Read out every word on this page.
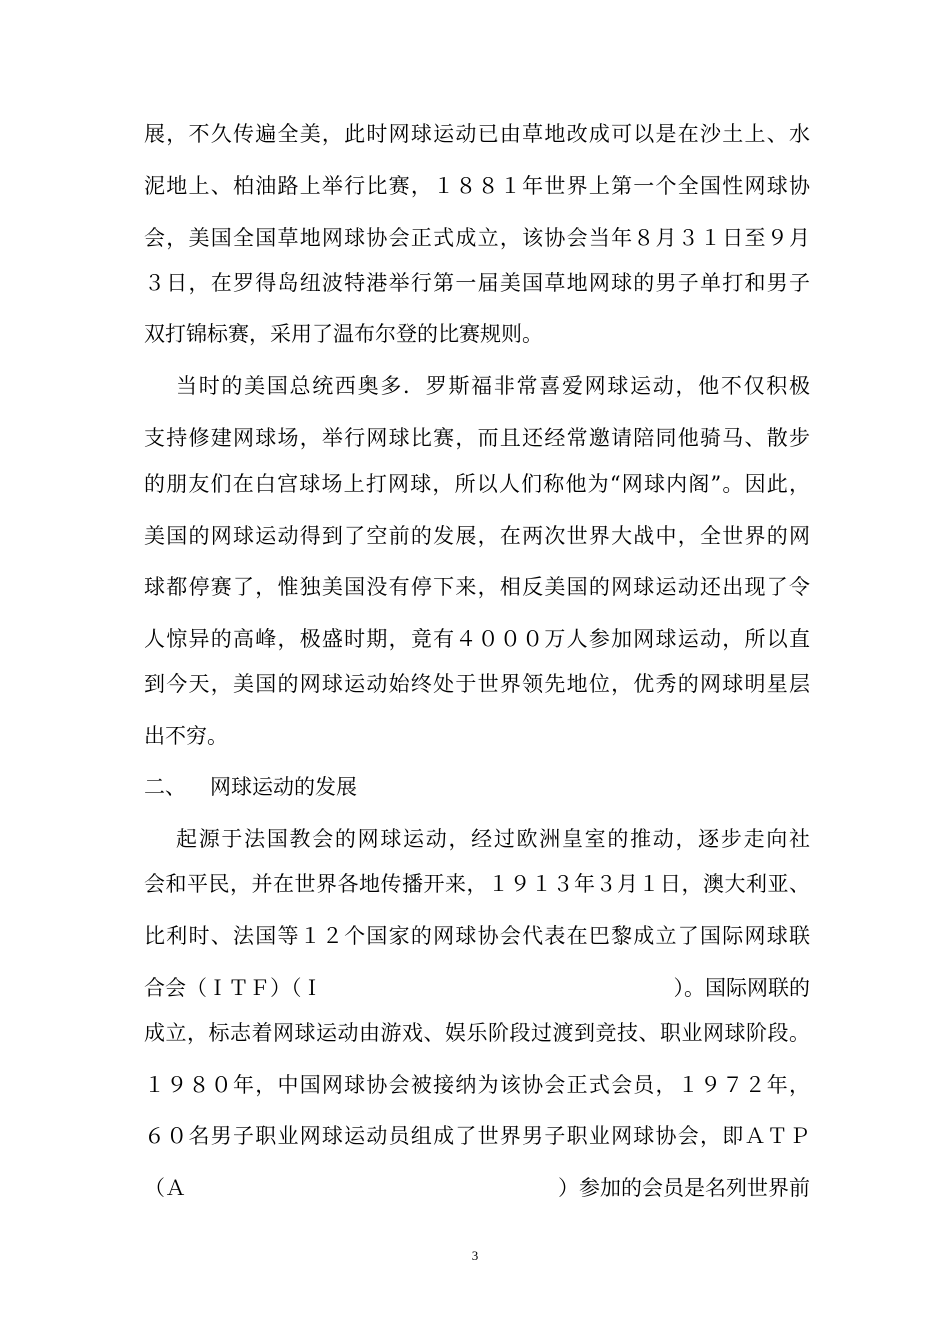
展，不久传遍全美，此时网球运动已由草地改成可以是在沙土上、水
泥地上、柏油路上举行比赛，１８８１年世界上第一个全国性网球协
会，美国全国草地网球协会正式成立，该协会当年８月３１日至９月
３日，在罗得岛纽波特港举行第一届美国草地网球的男子单打和男子
双打锦标赛，采用了温布尔登的比赛规则。
当时的美国总统西奥多．罗斯福非常喜爱网球运动，他不仅积极
支持修建网球场，举行网球比赛，而且还经常邀请陪同他骑马、散步
的朋友们在白宫球场上打网球，所以人们称他为“网球内阁”。因此，
美国的网球运动得到了空前的发展，在两次世界大战中，全世界的网
球都停赛了，惟独美国没有停下来，相反美国的网球运动还出现了令
人惊异的高峰，极盛时期，竟有４０００万人参加网球运动，所以直
到今天，美国的网球运动始终处于世界领先地位，优秀的网球明星层
出不穷。
二、 网球运动的发展
起源于法国教会的网球运动，经过欧洲皇室的推动，逐步走向社
会和平民，并在世界各地传播开来，１９１３年３月１日，澳大利亚、
比利时、法国等１２个国家的网球协会代表在巴黎成立了国际网球联
合会（ＩＴＦ）（Ｉ	）。国际网联的
成立，标志着网球运动由游戏、娱乐阶段过渡到竞技、职业网球阶段。
１９８０年，中国网球协会被接纳为该协会正式会员，１９７２年，
６０名男子职业网球运动员组成了世界男子职业网球协会，即ＡＴＰ
（Ａ	）参加的会员是名列世界前
3
